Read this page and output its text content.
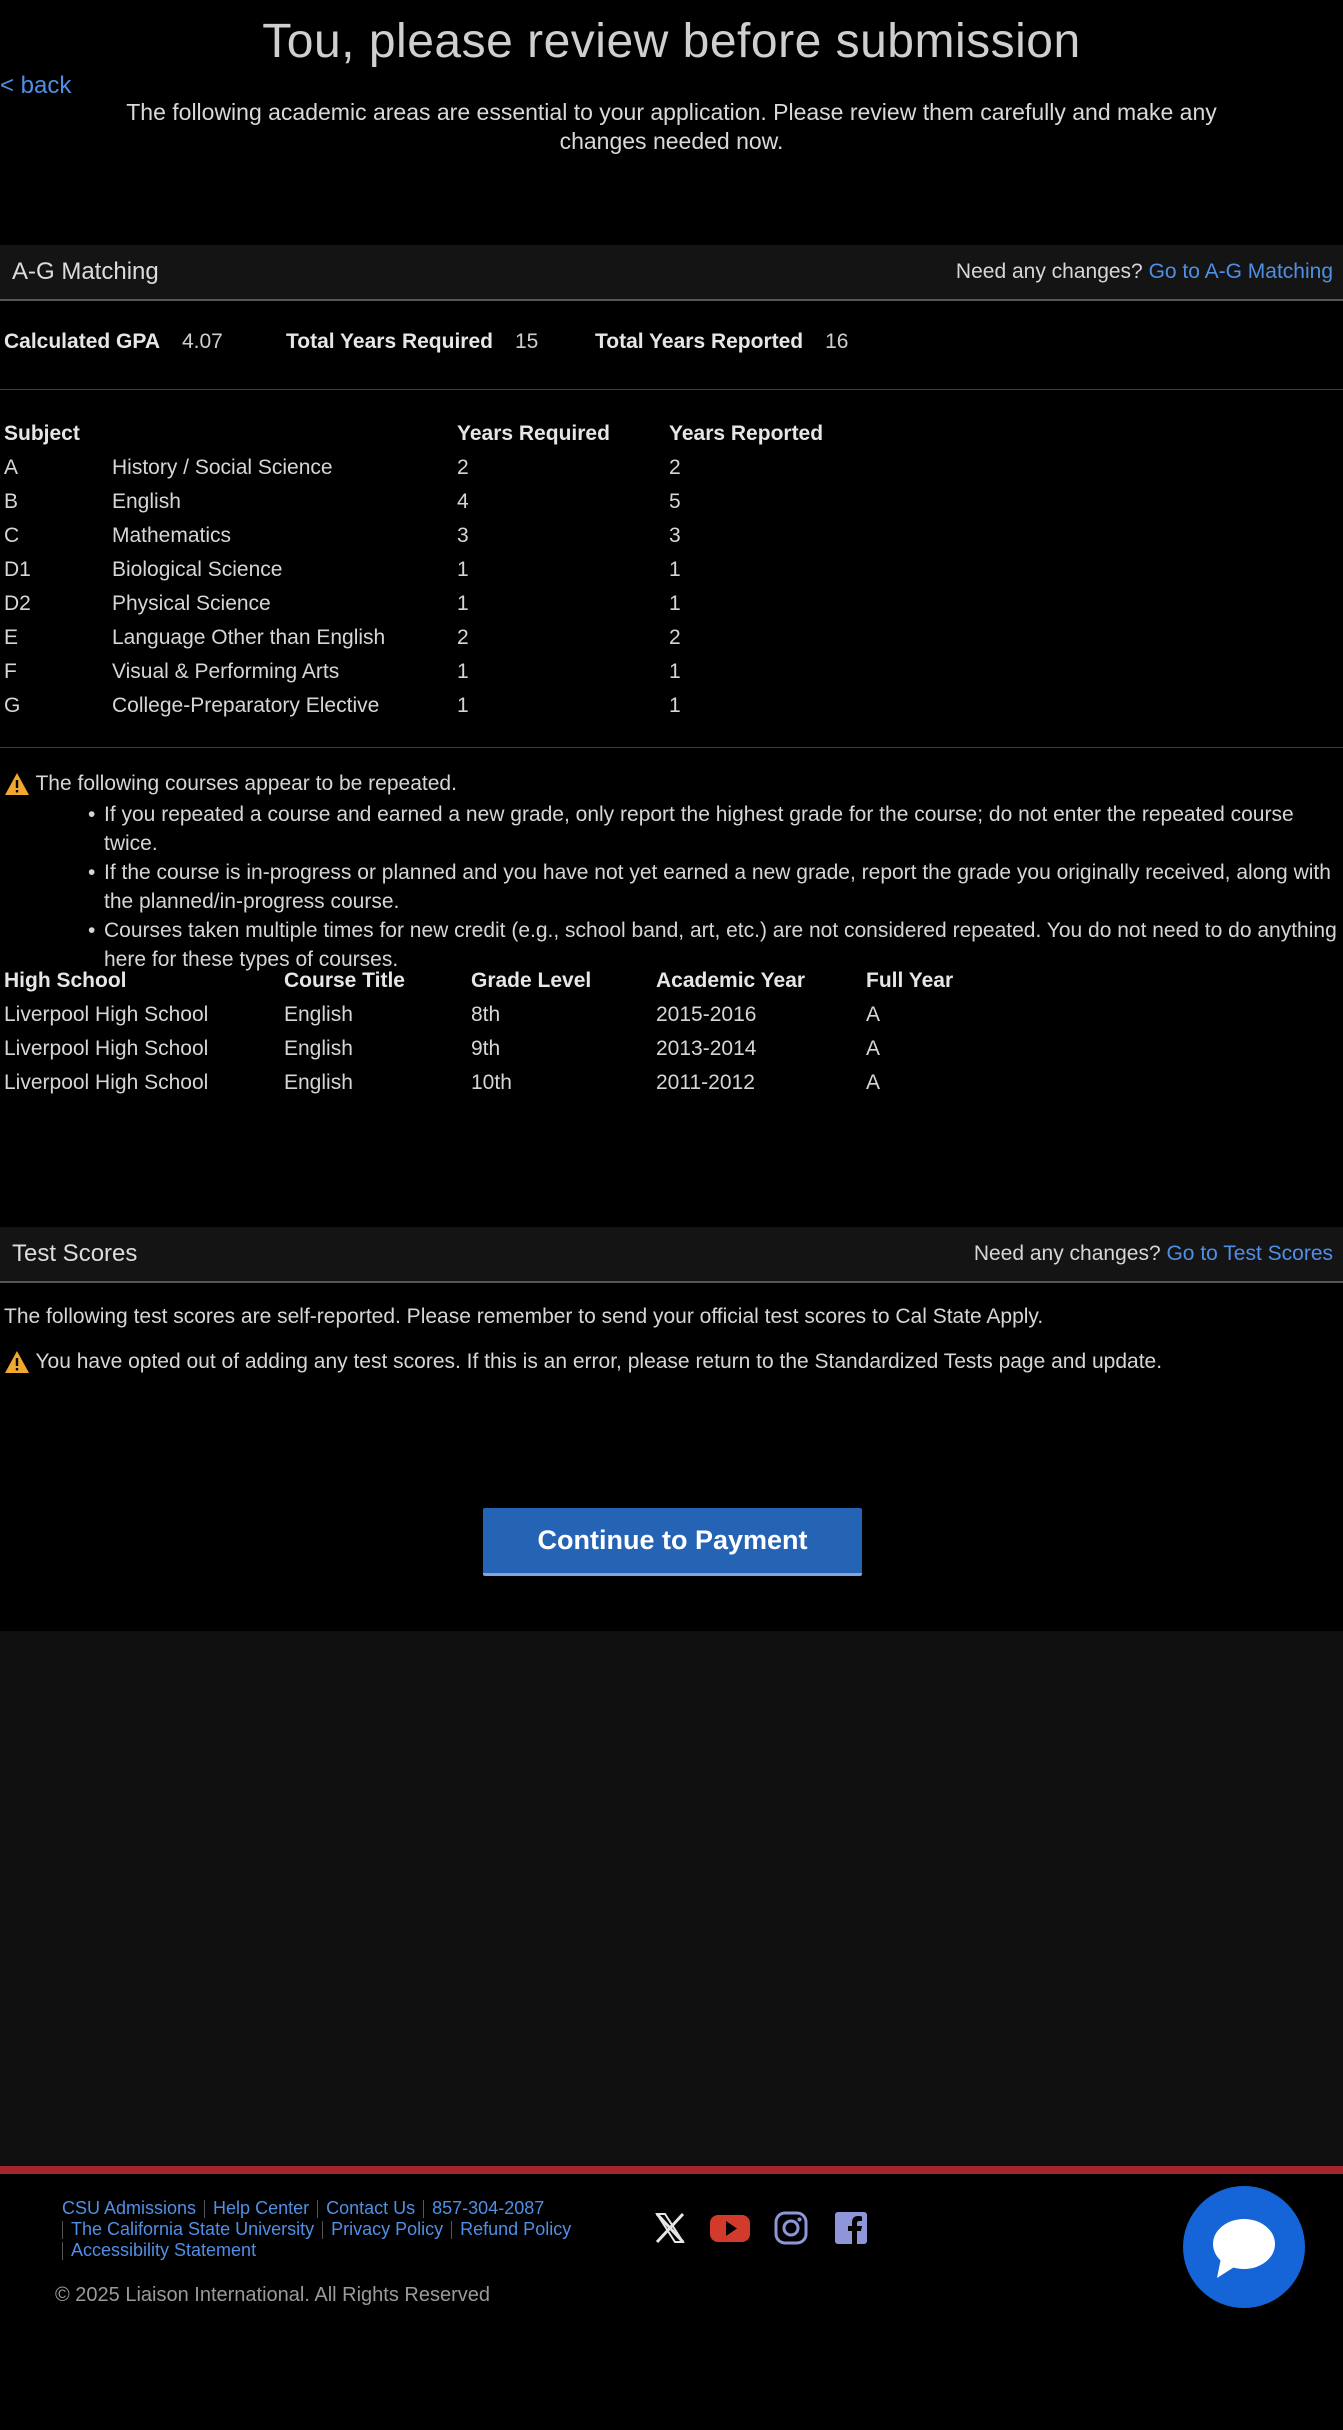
Tou, please review before submission
< back
The following academic areas are essential to your application. Please review them carefully and make any changes needed now.
A-G Matching	Need any changes? Go to A-G Matching
Calculated GPA 4.07	Total Years Required 15	Total Years Reported 16
Subject		Years Required	Years Reported
A	History / Social Science	2	2
B	English	4	5
C	Mathematics	3	3
D1	Biological Science	1	1
D2	Physical Science	1	1
E	Language Other than English	2	2
F	Visual & Performing Arts	1	1
G	College-Preparatory Elective	1	1
The following courses appear to be repeated.
• If you repeated a course and earned a new grade, only report the highest grade for the course; do not enter the repeated course twice.
• If the course is in-progress or planned and you have not yet earned a new grade, report the grade you originally received, along with the planned/in-progress course.
• Courses taken multiple times for new credit (e.g., school band, art, etc.) are not considered repeated. You do not need to do anything here for these types of courses.
High School	Course Title	Grade Level	Academic Year	Full Year
Liverpool High School	English	8th	2015-2016	A
Liverpool High School	English	9th	2013-2014	A
Liverpool High School	English	10th	2011-2012	A
Test Scores	Need any changes? Go to Test Scores
The following test scores are self-reported. Please remember to send your official test scores to Cal State Apply.
You have opted out of adding any test scores. If this is an error, please return to the Standardized Tests page and update.
Continue to Payment
CSU Admissions Help Center Contact Us 857-304-2087
The California State University Privacy Policy Refund Policy
Accessibility Statement
© 2025 Liaison International. All Rights Reserved
